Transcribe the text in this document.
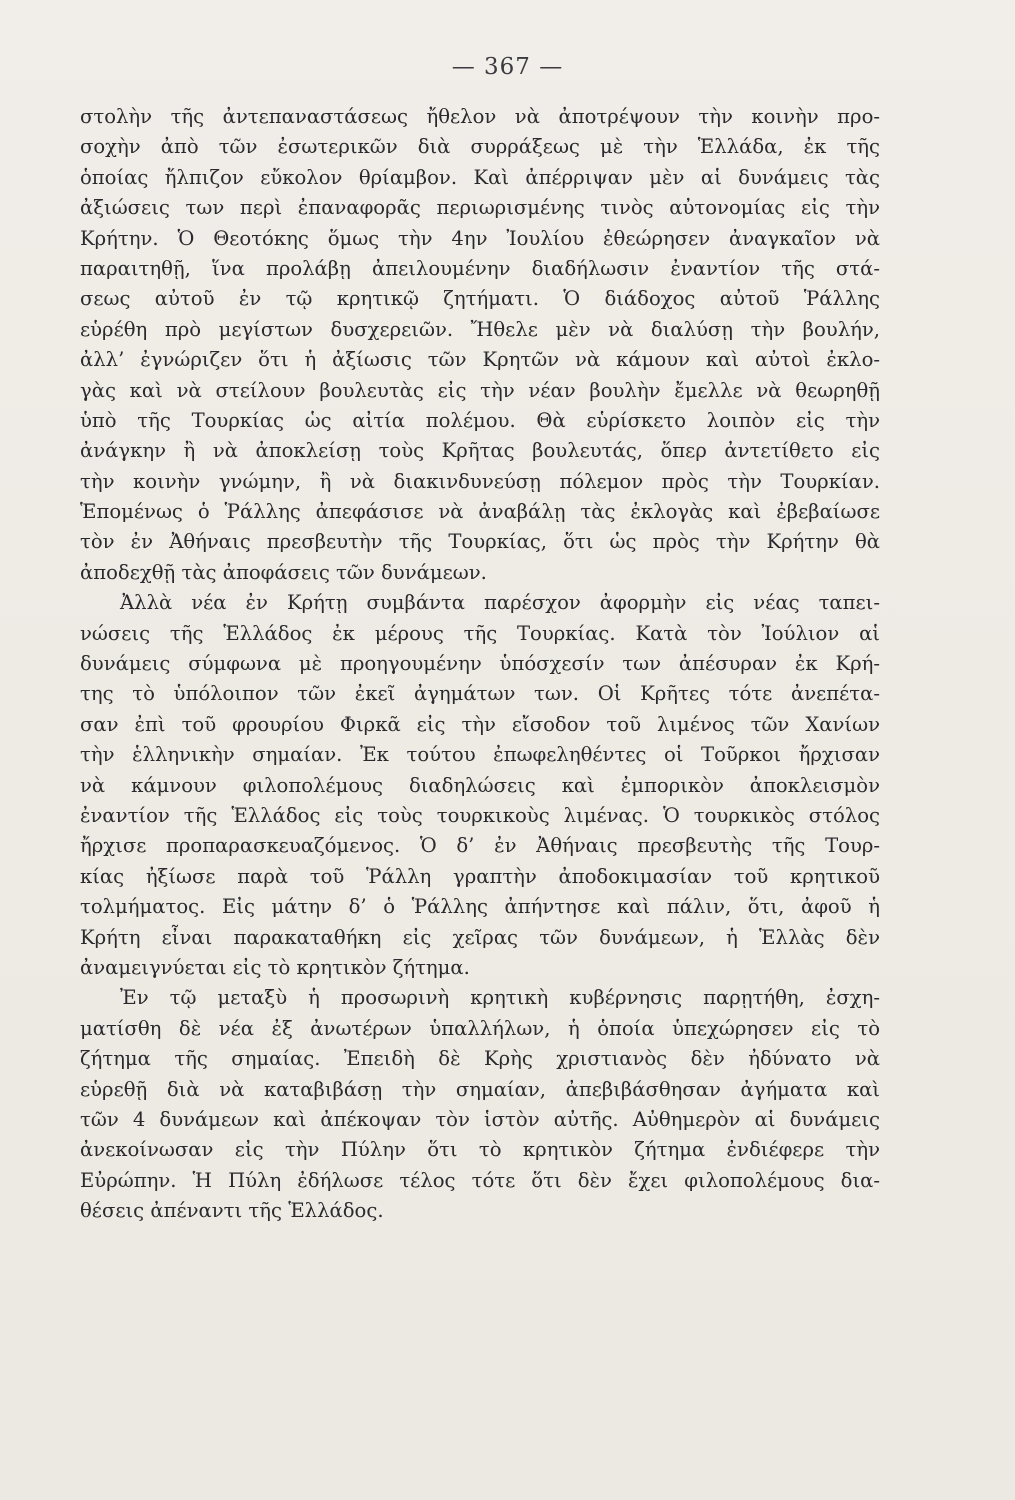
— 367 —
στολὴν τῆς ἀντεπαναστάσεως ἤθελον νὰ ἀποτρέψουν τὴν κοινὴν προ-
σοχὴν ἀπὸ τῶν ἐσωτερικῶν διὰ συρράξεως μὲ τὴν Ἑλλάδα, ἐκ τῆς
ὁποίας ἤλπιζον εὔκολον θρίαμβον. Καὶ ἀπέρριψαν μὲν αἱ δυνάμεις τὰς
ἀξιώσεις των περὶ ἐπαναφορᾶς περιωρισμένης τινὸς αὐτονομίας εἰς τὴν
Κρήτην. Ὁ Θεοτόκης ὅμως τὴν 4ην Ἰουλίου ἐθεώρησεν ἀναγκαῖον νὰ
παραιτηθῇ, ἵνα προλάβῃ ἀπειλουμένην διαδήλωσιν ἐναντίον τῆς στά-
σεως αὐτοῦ ἐν τῷ κρητικῷ ζητήματι. Ὁ διάδοχος αὐτοῦ Ῥάλλης
εὑρέθη πρὸ μεγίστων δυσχερειῶν. Ἤθελε μὲν νὰ διαλύσῃ τὴν βουλήν,
ἀλλ’ ἐγνώριζεν ὅτι ἡ ἀξίωσις τῶν Κρητῶν νὰ κάμουν καὶ αὐτοὶ ἐκλο-
γὰς καὶ νὰ στείλουν βουλευτὰς εἰς τὴν νέαν βουλὴν ἔμελλε νὰ θεωρηθῇ
ὑπὸ τῆς Τουρκίας ὡς αἰτία πολέμου. Θὰ εὑρίσκετο λοιπὸν εἰς τὴν
ἀνάγκην ἢ νὰ ἀποκλείσῃ τοὺς Κρῆτας βουλευτάς, ὅπερ ἀντετίθετο εἰς
τὴν κοινὴν γνώμην, ἢ νὰ διακινδυνεύσῃ πόλεμον πρὸς τὴν Τουρκίαν.
Ἑπομένως ὁ Ῥάλλης ἀπεφάσισε νὰ ἀναβάλῃ τὰς ἐκλογὰς καὶ ἐβεβαίωσε
τὸν ἐν Ἀθήναις πρεσβευτὴν τῆς Τουρκίας, ὅτι ὡς πρὸς τὴν Κρήτην θὰ
ἀποδεχθῇ τὰς ἀποφάσεις τῶν δυνάμεων.
Ἀλλὰ νέα ἐν Κρήτῃ συμβάντα παρέσχον ἀφορμὴν εἰς νέας ταπει-
νώσεις τῆς Ἑλλάδος ἐκ μέρους τῆς Τουρκίας. Κατὰ τὸν Ἰούλιον αἱ
δυνάμεις σύμφωνα μὲ προηγουμένην ὑπόσχεσίν των ἀπέσυραν ἐκ Κρή-
της τὸ ὑπόλοιπον τῶν ἐκεῖ ἀγημάτων των. Οἱ Κρῆτες τότε ἀνεπέτα-
σαν ἐπὶ τοῦ φρουρίου Φιρκᾶ εἰς τὴν εἴσοδον τοῦ λιμένος τῶν Χανίων
τὴν ἑλληνικὴν σημαίαν. Ἐκ τούτου ἐπωφεληθέντες οἱ Τοῦρκοι ἤρχισαν
νὰ κάμνουν φιλοπολέμους διαδηλώσεις καὶ ἐμπορικὸν ἀποκλεισμὸν
ἐναντίον τῆς Ἑλλάδος εἰς τοὺς τουρκικοὺς λιμένας. Ὁ τουρκικὸς στόλος
ἤρχισε προπαρασκευαζόμενος. Ὁ δ’ ἐν Ἀθήναις πρεσβευτὴς τῆς Τουρ-
κίας ἠξίωσε παρὰ τοῦ Ῥάλλη γραπτὴν ἀποδοκιμασίαν τοῦ κρητικοῦ
τολμήματος. Εἰς μάτην δ’ ὁ Ῥάλλης ἀπήντησε καὶ πάλιν, ὅτι, ἀφοῦ ἡ
Κρήτη εἶναι παρακαταθήκη εἰς χεῖρας τῶν δυνάμεων, ἡ Ἑλλὰς δὲν
ἀναμειγνύεται εἰς τὸ κρητικὸν ζήτημα.
Ἐν τῷ μεταξὺ ἡ προσωρινὴ κρητικὴ κυβέρνησις παρῃτήθη, ἐσχη-
ματίσθη δὲ νέα ἐξ ἀνωτέρων ὑπαλλήλων, ἡ ὁποία ὑπεχώρησεν εἰς τὸ
ζήτημα τῆς σημαίας. Ἐπειδὴ δὲ Κρὴς χριστιανὸς δὲν ἠδύνατο νὰ
εὑρεθῇ διὰ νὰ καταβιβάσῃ τὴν σημαίαν, ἀπεβιβάσθησαν ἀγήματα καὶ
τῶν 4 δυνάμεων καὶ ἀπέκοψαν τὸν ἱστὸν αὐτῆς. Αὐθημερὸν αἱ δυνάμεις
ἀνεκοίνωσαν εἰς τὴν Πύλην ὅτι τὸ κρητικὸν ζήτημα ἐνδιέφερε τὴν
Εὐρώπην. Ἡ Πύλη ἐδήλωσε τέλος τότε ὅτι δὲν ἔχει φιλοπολέμους δια-
θέσεις ἀπέναντι τῆς Ἑλλάδος.
